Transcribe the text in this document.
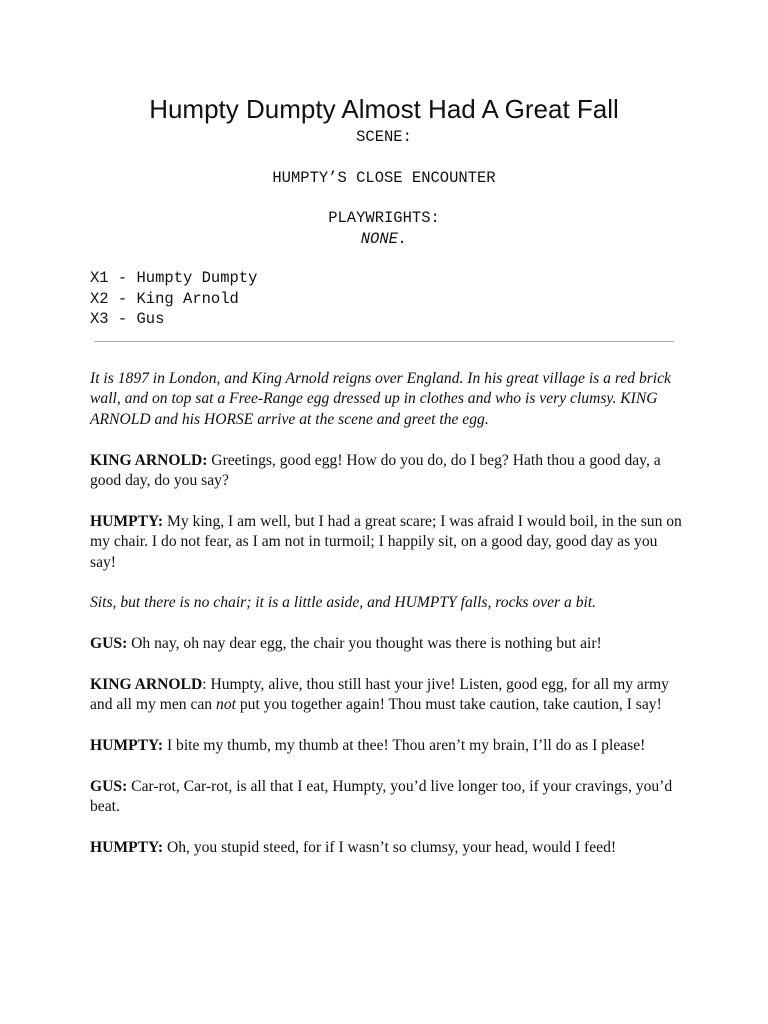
Humpty Dumpty Almost Had A Great Fall
SCENE:
HUMPTY’S CLOSE ENCOUNTER
PLAYWRIGHTS:
NONE.
X1 - Humpty Dumpty
X2 - King Arnold
X3 - Gus

It is 1897 in London, and King Arnold reigns over England. In his great village is a red brick wall, and on top sat a Free-Range egg dressed up in clothes and who is very clumsy. KING ARNOLD and his HORSE arrive at the scene and greet the egg.

KING ARNOLD: Greetings, good egg! How do you do, do I beg? Hath thou a good day, a good day, do you say?

HUMPTY: My king, I am well, but I had a great scare; I was afraid I would boil, in the sun on my chair. I do not fear, as I am not in turmoil; I happily sit, on a good day, good day as you say!

Sits, but there is no chair; it is a little aside, and HUMPTY falls, rocks over a bit.

GUS: Oh nay, oh nay dear egg, the chair you thought was there is nothing but air!

KING ARNOLD: Humpty, alive, thou still hast your jive! Listen, good egg, for all my army and all my men can not put you together again! Thou must take caution, take caution, I say!

HUMPTY: I bite my thumb, my thumb at thee! Thou aren’t my brain, I’ll do as I please!

GUS: Car-rot, Car-rot, is all that I eat, Humpty, you’d live longer too, if your cravings, you’d beat.

HUMPTY: Oh, you stupid steed, for if I wasn’t so clumsy, your head, would I feed!
